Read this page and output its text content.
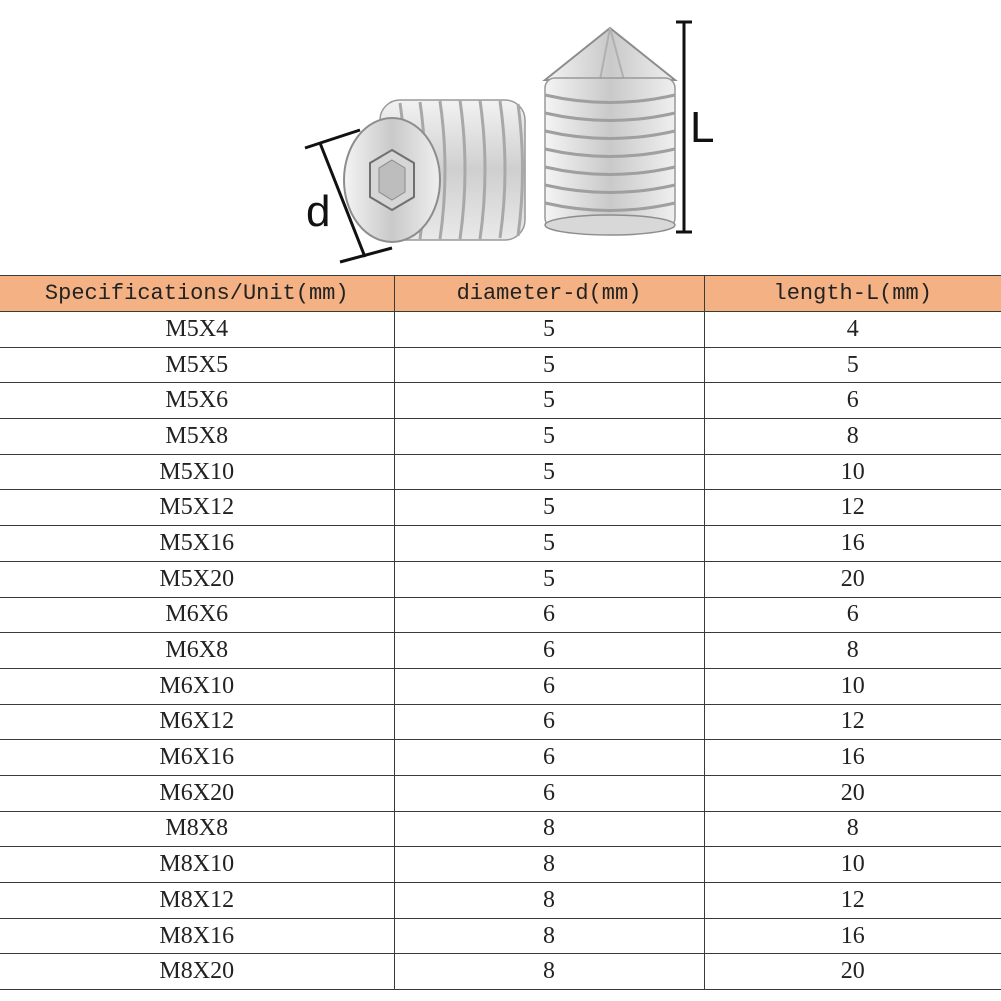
L
d
Specifications/Unit(mm)	diameter-d(mm)	length-L(mm)
M5X4	5	4
M5X5	5	5
M5X6	5	6
M5X8	5	8
M5X10	5	10
M5X12	5	12
M5X16	5	16
M5X20	5	20
M6X6	6	6
M6X8	6	8
M6X10	6	10
M6X12	6	12
M6X16	6	16
M6X20	6	20
M8X8	8	8
M8X10	8	10
M8X12	8	12
M8X16	8	16
M8X20	8	20
